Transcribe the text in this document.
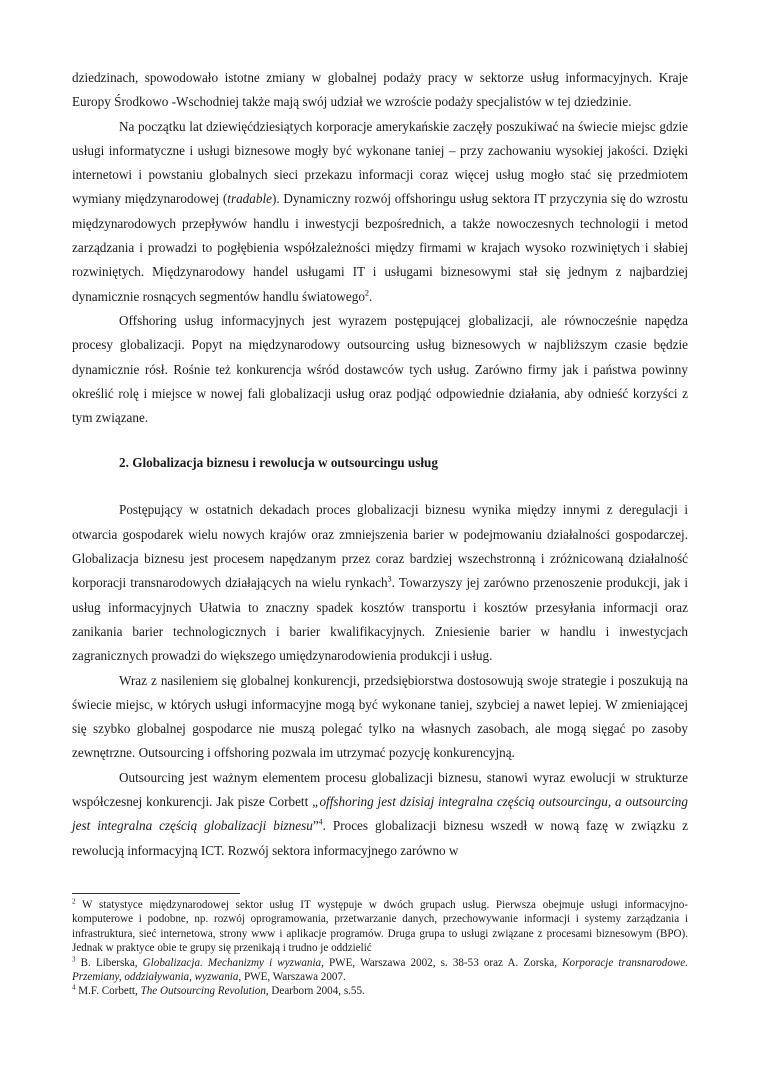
dziedzinach, spowodowało istotne zmiany w globalnej podaży pracy w sektorze usług informacyjnych. Kraje Europy Środkowo -Wschodniej także mają swój udział we wzroście podaży specjalistów w tej dziedzinie.

Na początku lat dziewięćdziesiątych korporacje amerykańskie zaczęły poszukiwać na świecie miejsc gdzie usługi informatyczne i usługi biznesowe mogły być wykonane taniej – przy zachowaniu wysokiej jakości. Dzięki internetowi i powstaniu globalnych sieci przekazu informacji coraz więcej usług mogło stać się przedmiotem wymiany międzynarodowej (tradable). Dynamiczny rozwój offshoringu usług sektora IT przyczynia się do wzrostu międzynarodowych przepływów handlu i inwestycji bezpośrednich, a także nowoczesnych technologii i metod zarządzania i prowadzi to pogłębienia współzależności między firmami w krajach wysoko rozwiniętych i słabiej rozwiniętych. Międzynarodowy handel usługami IT i usługami biznesowymi stał się jednym z najbardziej dynamicznie rosnących segmentów handlu światowego$^2$.

Offshoring usług informacyjnych jest wyrazem postępującej globalizacji, ale równocześnie napędza procesy globalizacji. Popyt na międzynarodowy outsourcing usług biznesowych w najbliższym czasie będzie dynamicznie rósł. Rośnie też konkurencja wśród dostawców tych usług. Zarówno firmy jak i państwa powinny określić rolę i miejsce w nowej fali globalizacji usług oraz podjąć odpowiednie działania, aby odnieść korzyści z tym związane.

2. Globalizacja biznesu i rewolucja w outsourcingu usług

Postępujący w ostatnich dekadach proces globalizacji biznesu wynika między innymi z deregulacji i otwarcia gospodarek wielu nowych krajów oraz zmniejszenia barier w podejmowaniu działalności gospodarczej. Globalizacja biznesu jest procesem napędzanym przez coraz bardziej wszechstronną i zróżnicowaną działalność korporacji transnarodowych działających na wielu rynkach$^3$. Towarzyszy jej zarówno przenoszenie produkcji, jak i usług informacyjnych Ułatwia to znaczny spadek kosztów transportu i kosztów przesyłania informacji oraz zanikania barier technologicznych i barier kwalifikacyjnych. Zniesienie barier w handlu i inwestycjach zagranicznych prowadzi do większego umiędzynarodowienia produkcji i usług.

Wraz z nasileniem się globalnej konkurencji, przedsiębiorstwa dostosowują swoje strategie i poszukują na świecie miejsc, w których usługi informacyjne mogą być wykonane taniej, szybciej a nawet lepiej. W zmieniającej się szybko globalnej gospodarce nie muszą polegać tylko na własnych zasobach, ale mogą sięgać po zasoby zewnętrzne. Outsourcing i offshoring pozwala im utrzymać pozycję konkurencyjną.

Outsourcing jest ważnym elementem procesu globalizacji biznesu, stanowi wyraz ewolucji w strukturze współczesnej konkurencji. Jak pisze Corbett „offshoring jest dzisiaj integralna częścią outsourcingu, a outsourcing jest integralna częścią globalizacji biznesu”$^4$. Proces globalizacji biznesu wszedł w nową fazę w związku z rewolucją informacyjną ICT. Rozwój sektora informacyjnego zarówno w

$^2$ W statystyce międzynarodowej sektor usług IT występuje w dwóch grupach usług. Pierwsza obejmuje usługi informacyjno-komputerowe i podobne, np. rozwój oprogramowania, przetwarzanie danych, przechowywanie informacji i systemy zarządzania i infrastruktura, sieć internetowa, strony www i aplikacje programów. Druga grupa to usługi związane z procesami biznesowym (BPO). Jednak w praktyce obie te grupy się przenikają i trudno je oddzielić

$^3$ B. Liberska, Globalizacja. Mechanizmy i wyzwania, PWE, Warszawa 2002, s. 38-53 oraz A. Zorska, Korporacje transnarodowe. Przemiany, oddziaływania, wyzwania, PWE, Warszawa 2007.

$^4$ M.F. Corbett, The Outsourcing Revolution, Dearborn 2004, s.55.
